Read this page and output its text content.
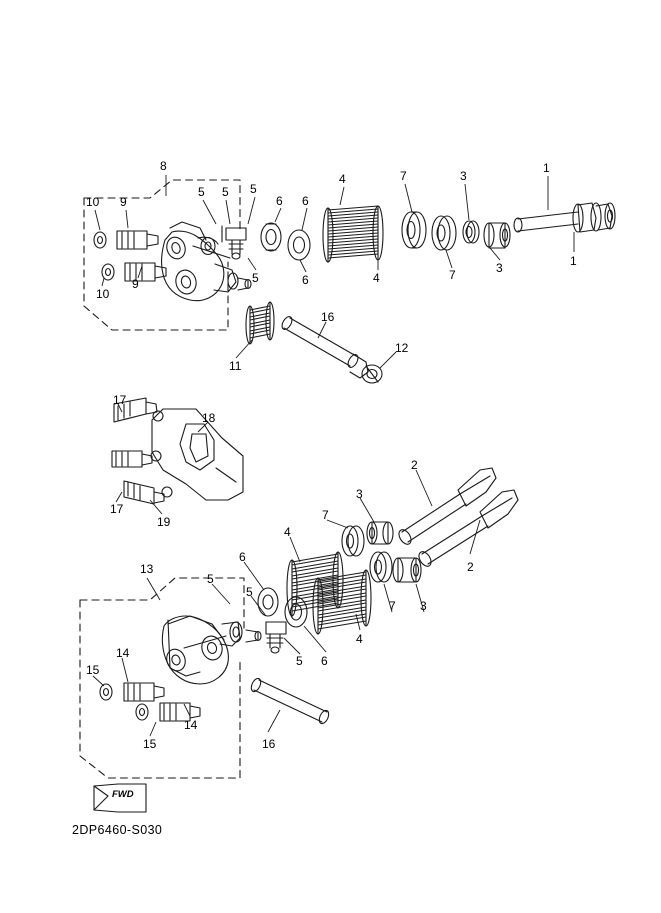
8
10 9
5 5 5
6 6
4	7	3
1
10
9	5	6	4	7	3	1
16
12
11
17
18
17
19
2
3
7
4
2
6
5
5
7 3
4
5 6
13
14
15
15
14
16
FWD
2DP6460-S030
